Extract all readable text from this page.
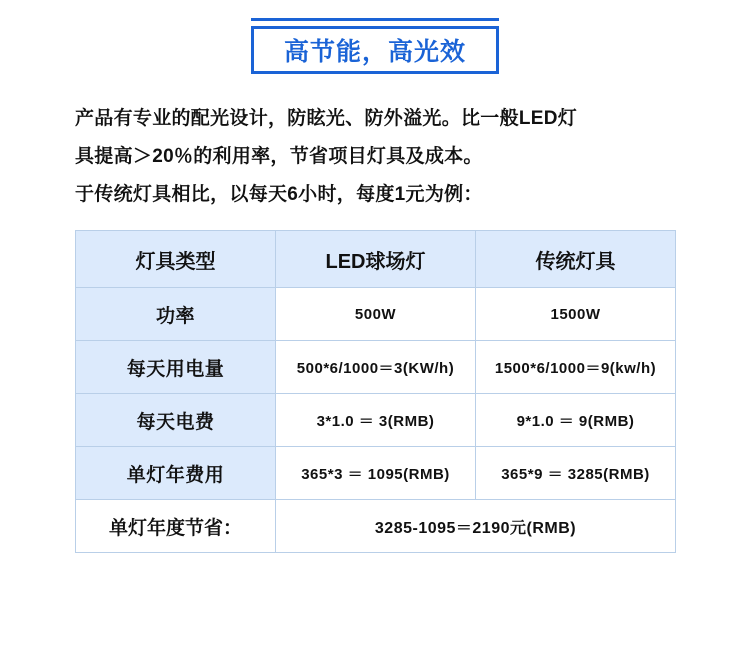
高节能，高光效
产品有专业的配光设计，防眩光、防外溢光。比一般LED灯
具提高＞20％的利用率，节省项目灯具及成本。
于传统灯具相比，以每天6小时，每度1元为例：
灯具类型	LED球场灯	传统灯具
功率	500W	1500W
每天用电量	500*6/1000＝3(KW/h)	1500*6/1000＝9(kw/h)
每天电费	3*1.0 ＝ 3(RMB)	9*1.0 ＝ 9(RMB)
单灯年费用	365*3 ＝ 1095(RMB)	365*9 ＝ 3285(RMB)
单灯年度节省：	3285-1095＝2190元(RMB)	
